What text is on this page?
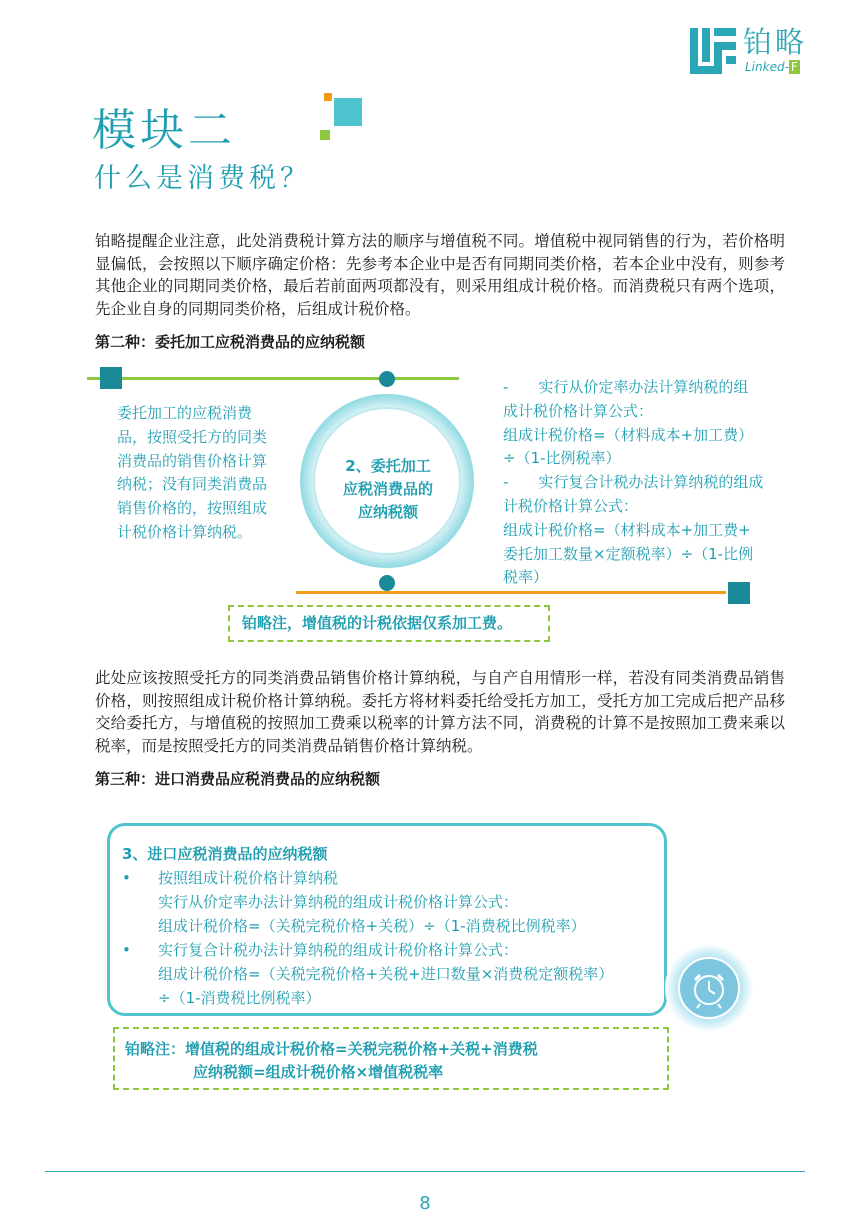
铂略
Linked- F
模块二
什么是消费税？
铂略提醒企业注意，此处消费税计算方法的顺序与增值税不同。增值税中视同销售的行为，若价格明显偏低，会按照以下顺序确定价格：先参考本企业中是否有同期同类价格，若本企业中没有，则参考其他企业的同期同类价格，最后若前面两项都没有，则采用组成计税价格。而消费税只有两个选项，先企业自身的同期同类价格，后组成计税价格。
第二种：委托加工应税消费品的应纳税额
委托加工的应税消费品，按照受托方的同类消费品的销售价格计算纳税；没有同类消费品销售价格的，按照组成计税价格计算纳税。
2、委托加工
应税消费品的
应纳税额
-　　实行从价定率办法计算纳税的组
成计税价格计算公式：
组成计税价格=（材料成本+加工费）
÷（1-比例税率）
-　　实行复合计税办法计算纳税的组成
计税价格计算公式：
组成计税价格=（材料成本+加工费+
委托加工数量×定额税率）÷（1-比例
税率）
铂略注，增值税的计税依据仅系加工费。
此处应该按照受托方的同类消费品销售价格计算纳税，与自产自用情形一样，若没有同类消费品销售价格，则按照组成计税价格计算纳税。委托方将材料委托给受托方加工，受托方加工完成后把产品移交给委托方，与增值税的按照加工费乘以税率的计算方法不同，消费税的计算不是按照加工费来乘以税率，而是按照受托方的同类消费品销售价格计算纳税。
第三种：进口消费品应税消费品的应纳税额
3、进口应税消费品的应纳税额
• 按照组成计税价格计算纳税
实行从价定率办法计算纳税的组成计税价格计算公式：
组成计税价格=（关税完税价格+关税）÷（1-消费税比例税率）
• 实行复合计税办法计算纳税的组成计税价格计算公式：
组成计税价格=（关税完税价格+关税+进口数量×消费税定额税率）
÷（1-消费税比例税率）
铂略注：增值税的组成计税价格=关税完税价格+关税+消费税
应纳税额=组成计税价格×增值税税率
8
